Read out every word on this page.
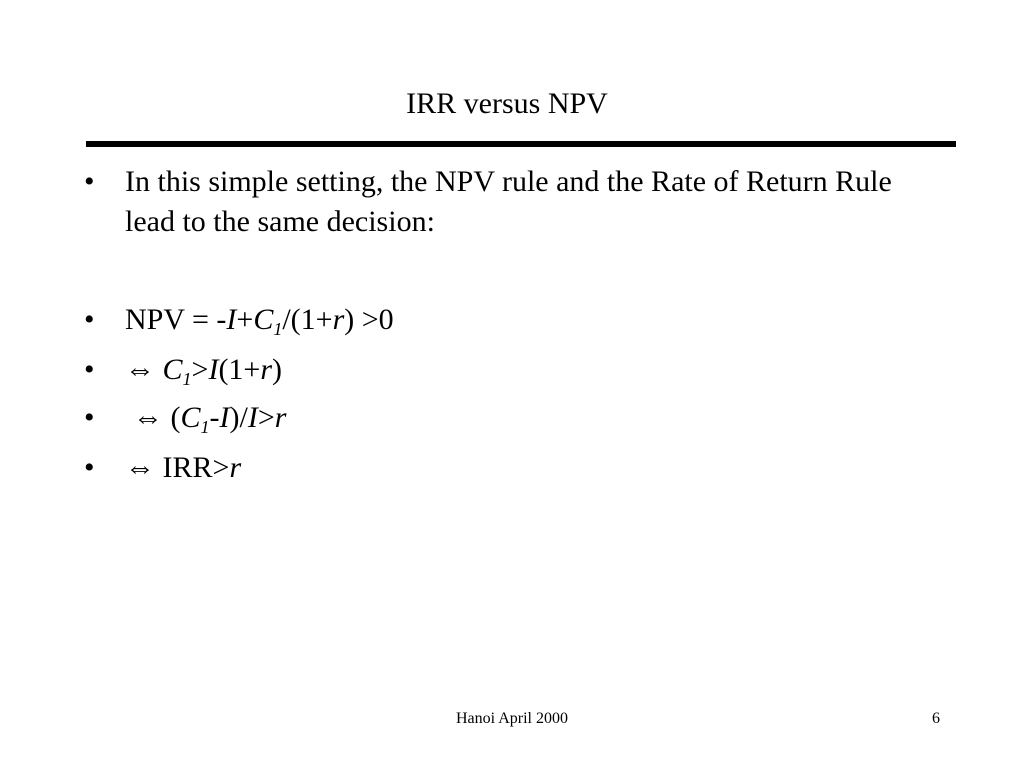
IRR versus NPV
•	In this simple setting, the NPV rule and the Rate of Return Rule lead to the same decision:
•	NPV = $-I+C_1/(1+r) >0$
•	⇔ $C_1>I(1+r)$
•	⇔ $(C_1-I)/I>r$
•	⇔ IRR>r
Hanoi April 2000	6
